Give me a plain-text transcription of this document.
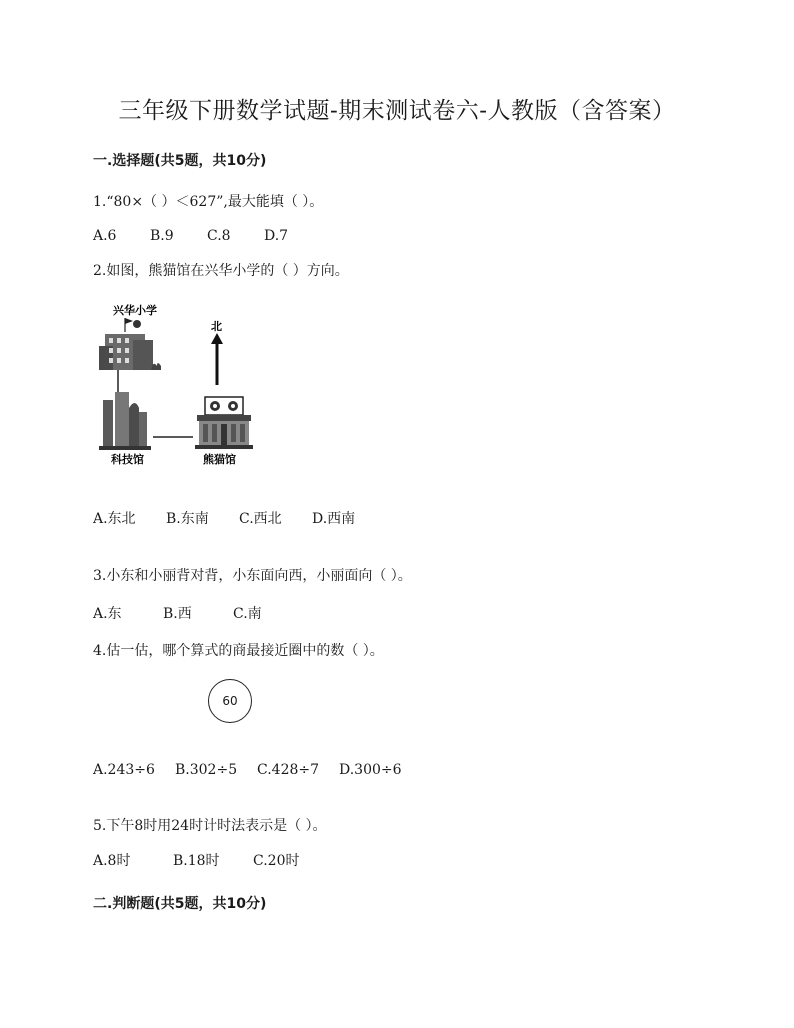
三年级下册数学试题-期末测试卷六-人教版（含答案）
一.选择题(共5题，共10分)
1.“80×（ ）＜627”,最大能填（ ）。
A.6	B.9	C.8	D.7
2.如图，熊猫馆在兴华小学的（ ）方向。
兴华小学
北
科技馆	熊猫馆
A.东北	B.东南	C.西北	D.西南
3.小东和小丽背对背，小东面向西，小丽面向（ ）。
A.东	B.西	C.南
4.估一估，哪个算式的商最接近圈中的数（ ）。
60
A.243÷6	B.302÷5	C.428÷7	D.300÷6
5.下午8时用24时计时法表示是（ ）。
A.8时	B.18时	C.20时
二.判断题(共5题，共10分)
